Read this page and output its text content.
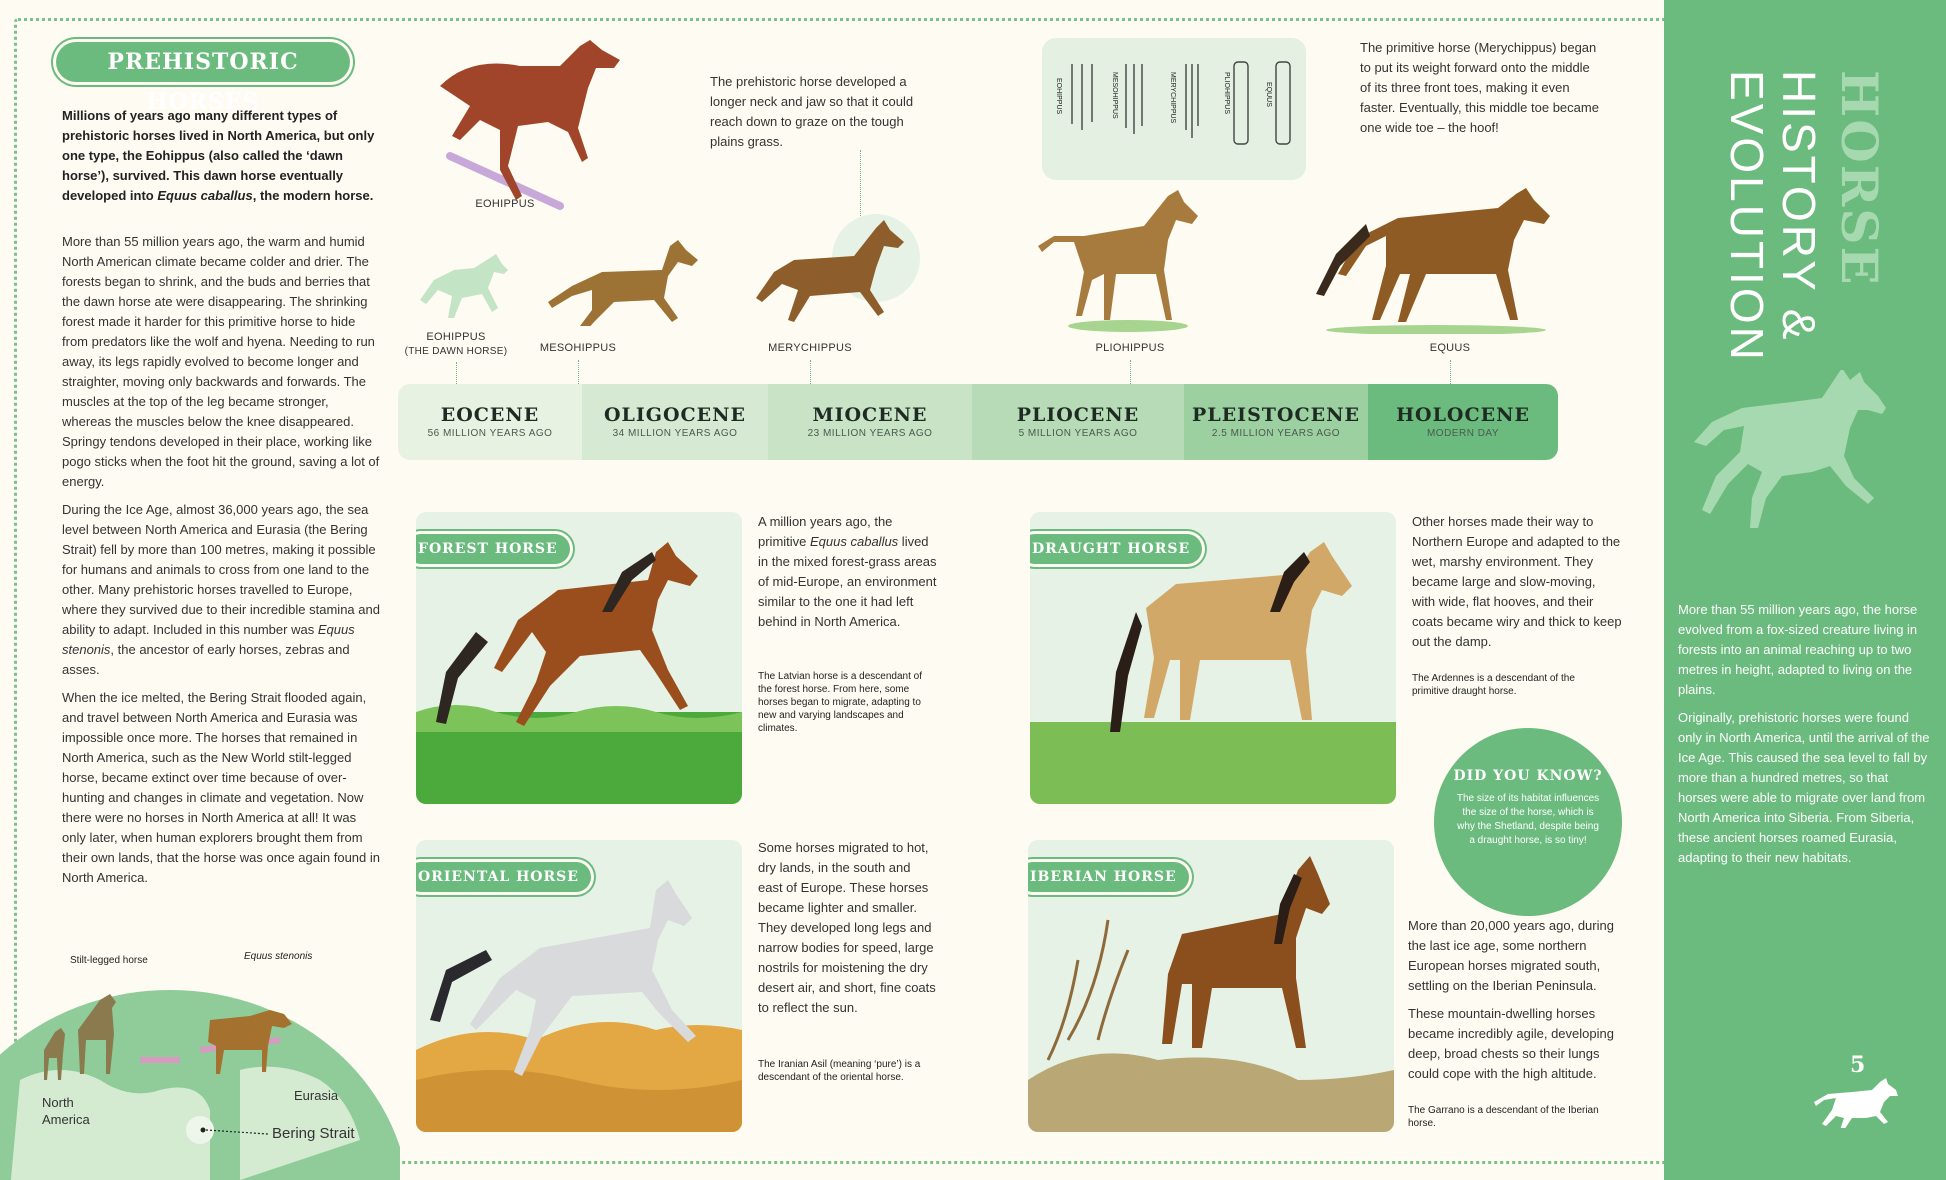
HORSE
HISTORY &
EVOLUTION

More than 55 million years ago, the horse evolved from a fox-sized creature living in forests into an animal reaching up to two metres in height, adapted to living on the plains.

Originally, prehistoric horses were found only in North America, until the arrival of the Ice Age. This caused the sea level to fall by more than a hundred metres, so that horses were able to migrate over land from North America into Siberia. From Siberia, these ancient horses roamed Eurasia, adapting to their new habitats.

5
PREHISTORIC HORSES
Millions of years ago many different types of prehistoric horses lived in North America, but only one type, the Eohippus (also called the ‘dawn horse’), survived. This dawn horse eventually developed into Equus caballus, the modern horse.

More than 55 million years ago, the warm and humid North American climate became colder and drier. The forests began to shrink, and the buds and berries that the dawn horse ate were disappearing. The shrinking forest made it harder for this primitive horse to hide from predators like the wolf and hyena. Needing to run away, its legs rapidly evolved to become longer and straighter, moving only backwards and forwards. The muscles at the top of the leg became stronger, whereas the muscles below the knee disappeared. Springy tendons developed in their place, working like pogo sticks when the foot hit the ground, saving a lot of energy.

During the Ice Age, almost 36,000 years ago, the sea level between North America and Eurasia (the Bering Strait) fell by more than 100 metres, making it possible for humans and animals to cross from one land to the other. Many prehistoric horses travelled to Europe, where they survived due to their incredible stamina and ability to adapt. Included in this number was Equus stenonis, the ancestor of early horses, zebras and asses.

When the ice melted, the Bering Strait flooded again, and travel between North America and Eurasia was impossible once more. The horses that remained in North America, such as the New World stilt-legged horse, became extinct over time because of over-hunting and changes in climate and vegetation. Now there were no horses in North America at all! It was only later, when human explorers brought them from their own lands, that the horse was once again found in North America.

Stilt-legged horse	Equus stenonis
North America
Eurasia
Bering Strait
EOHIPPUS
The prehistoric horse developed a longer neck and jaw so that it could reach down to graze on the tough plains grass.
EOHIPPUS	MESOHIPPUS	MERYCHIPPUS	PLIOHIPPUS	EQUUS
The primitive horse (Merychippus) began to put its weight forward onto the middle of its three front toes, making it even faster. Eventually, this middle toe became one wide toe – the hoof!
EOHIPPUS
(THE DAWN HORSE)	MESOHIPPUS	MERYCHIPPUS	PLIOHIPPUS	EQUUS
EOCENE
56 MILLION YEARS AGO
OLIGOCENE
34 MILLION YEARS AGO
MIOCENE
23 MILLION YEARS AGO
PLIOCENE
5 MILLION YEARS AGO
PLEISTOCENE
2.5 MILLION YEARS AGO
HOLOCENE
MODERN DAY
FOREST HORSE
A million years ago, the primitive Equus caballus lived in the mixed forest-grass areas of mid-Europe, an environment similar to the one it had left behind in North America.
The Latvian horse is a descendant of the forest horse. From here, some horses began to migrate, adapting to new and varying landscapes and climates.
DRAUGHT HORSE
Other horses made their way to Northern Europe and adapted to the wet, marshy environment. They became large and slow-moving, with wide, flat hooves, and their coats became wiry and thick to keep out the damp.
The Ardennes is a descendant of the primitive draught horse.
DID YOU KNOW?
The size of its habitat influences the size of the horse, which is why the Shetland, despite being a draught horse, is so tiny!
ORIENTAL HORSE
Some horses migrated to hot, dry lands, in the south and east of Europe. These horses became lighter and smaller. They developed long legs and narrow bodies for speed, large nostrils for moistening the dry desert air, and short, fine coats to reflect the sun.
The Iranian Asil (meaning ‘pure’) is a descendant of the oriental horse.
IBERIAN HORSE
More than 20,000 years ago, during the last ice age, some northern European horses migrated south, settling on the Iberian Peninsula.
These mountain-dwelling horses became incredibly agile, developing deep, broad chests so their lungs could cope with the high altitude.
The Garrano is a descendant of the Iberian horse.
